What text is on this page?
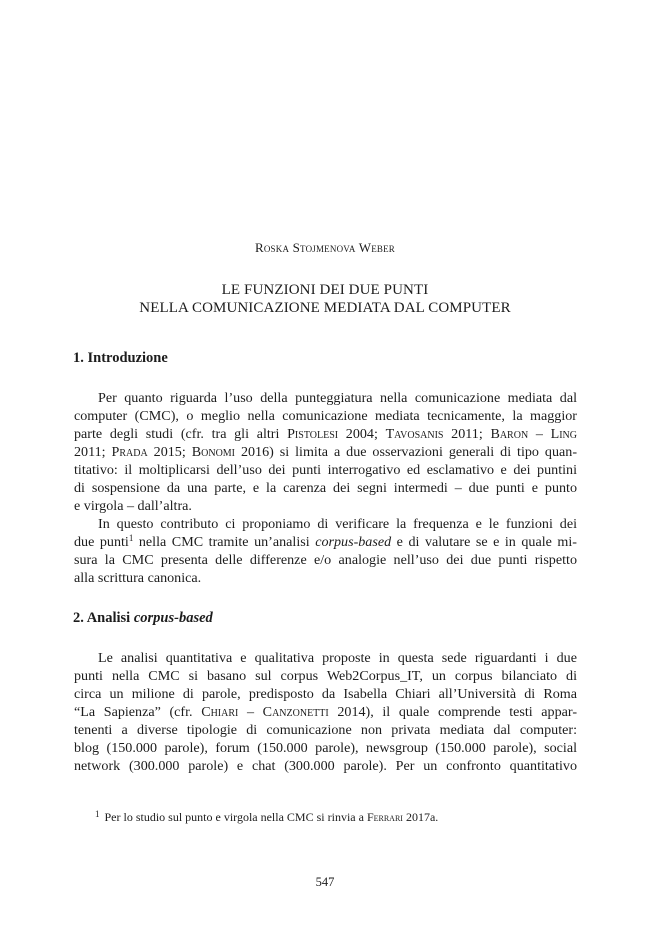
Roska Stojmenova Weber
LE FUNZIONI DEI DUE PUNTI
NELLA COMUNICAZIONE MEDIATA DAL COMPUTER
1. Introduzione
Per quanto riguarda l’uso della punteggiatura nella comunicazione mediata dal
computer (CMC), o meglio nella comunicazione mediata tecnicamente, la maggior
parte degli studi (cfr. tra gli altri Pistolesi 2004; Tavosanis 2011; Baron – Ling
2011; Prada 2015; Bonomi 2016) si limita a due osservazioni generali di tipo quan-
titativo: il moltiplicarsi dell’uso dei punti interrogativo ed esclamativo e dei puntini
di sospensione da una parte, e la carenza dei segni intermedi – due punti e punto
e virgola – dall’altra.
In questo contributo ci proponiamo di verificare la frequenza e le funzioni dei
due punti$^1$ nella CMC tramite un’analisi corpus-based e di valutare se e in quale mi-
sura la CMC presenta delle differenze e/o analogie nell’uso dei due punti rispetto
alla scrittura canonica.
2. Analisi corpus-based
Le analisi quantitativa e qualitativa proposte in questa sede riguardanti i due
punti nella CMC si basano sul corpus Web2Corpus_IT, un corpus bilanciato di
circa un milione di parole, predisposto da Isabella Chiari all’Università di Roma
“La Sapienza” (cfr. Chiari – Canzonetti 2014), il quale comprende testi appar-
tenenti a diverse tipologie di comunicazione non privata mediata dal computer:
blog (150.000 parole), forum (150.000 parole), newsgroup (150.000 parole), social
network (300.000 parole) e chat (300.000 parole). Per un confronto quantitativo
$^1$ Per lo studio sul punto e virgola nella CMC si rinvia a Ferrari 2017a.
547
